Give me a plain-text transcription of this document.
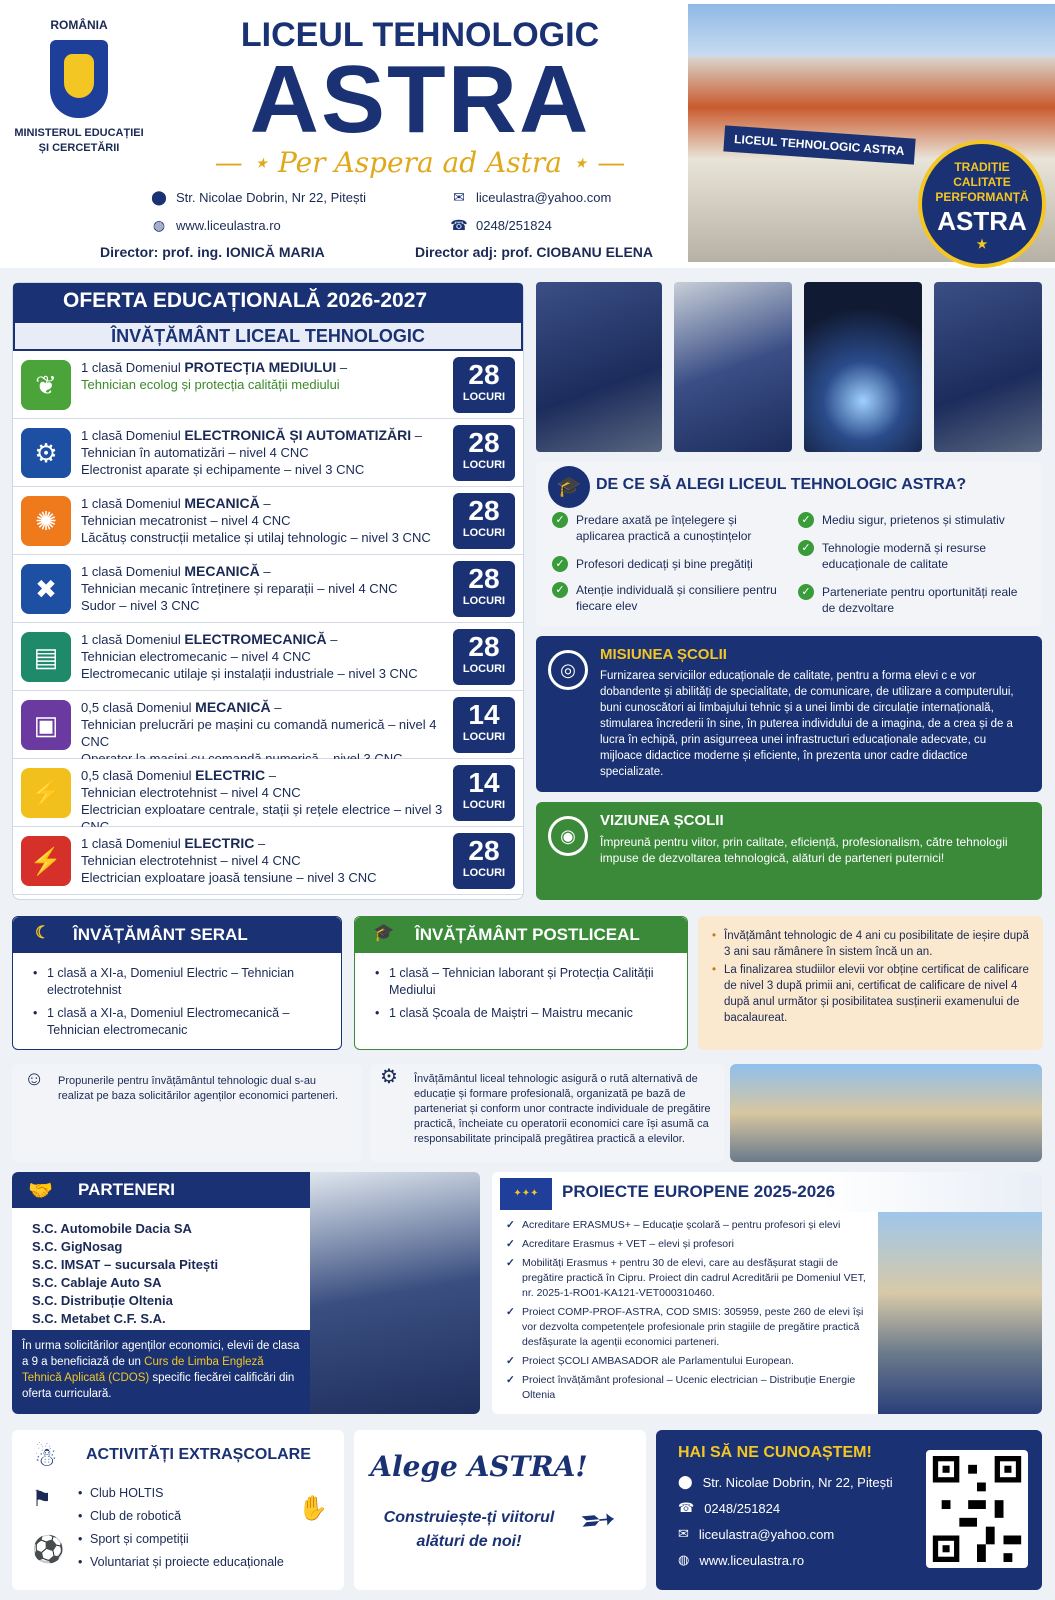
ROMÂNIA
MINISTERUL EDUCAȚIEI ȘI CERCETĂRII
LICEUL TEHNOLOGIC
ASTRA
— ⋆ Per Aspera ad Astra ⋆ —
⬤ Str. Nicolae Dobrin, Nr 22, Pitești	✉ liceulastra@yahoo.com
◍ www.liceulastra.ro	☎ 0248/251824
Director: prof. ing. IONICĂ MARIA	Director adj: prof. CIOBANU ELENA
LICEUL TEHNOLOGIC ASTRA
TRADIȚIE
CALITATE
PERFORMANȚĂ
ASTRA
★
OFERTA EDUCAȚIONALĂ 2026-2027
ÎNVĂȚĂMÂNT LICEAL TEHNOLOGIC
❦
1 clasă Domeniul PROTECȚIA MEDIULUI –
Tehnician ecolog și protecția calității mediului	28
LOCURI
⚙
1 clasă Domeniul ELECTRONICĂ ȘI AUTOMATIZĂRI –
Tehnician în automatizări – nivel 4 CNC
Electronist aparate și echipamente – nivel 3 CNC
28
LOCURI
✺
1 clasă Domeniul MECANICĂ –
Tehnician mecatronist – nivel 4 CNC
Lăcătuș construcții metalice și utilaj tehnologic – nivel 3 CNC
28
LOCURI
✖
1 clasă Domeniul MECANICĂ –
Tehnician mecanic întreținere și reparații – nivel 4 CNC
Sudor – nivel 3 CNC
28
LOCURI
▤
1 clasă Domeniul ELECTROMECANICĂ –
Tehnician electromecanic – nivel 4 CNC
Electromecanic utilaje și instalații industriale – nivel 3 CNC
28
LOCURI
▣
0,5 clasă Domeniul MECANICĂ –
Tehnician prelucrări pe mașini cu comandă numerică – nivel 4 CNC
14
LOCURI
⚡
0,5 clasă Domeniul ELECTRIC –
Tehnician electrotehnist – nivel 4 CNC
Electrician exploatare centrale, stații și rețele electrice – nivel 3
14
LOCURI
⚡
1 clasă Domeniul ELECTRIC –
Tehnician electrotehnist – nivel 4 CNC
Electrician exploatare joasă tensiune – nivel 3 CNC
28
LOCURI
🎓 DE CE SĂ ALEGI LICEUL TEHNOLOGIC ASTRA?
✓ Predare axată pe înțelegere și aplicarea practică a cunoștințelor
✓ Profesori dedicați și bine pregătiți
✓ Atenție individuală și consiliere pentru fiecare elev
✓ Mediu sigur, prietenos și stimulativ
✓ Tehnologie modernă și resurse educaționale de calitate
✓ Parteneriate pentru oportunități reale de dezvoltare
◎
MISIUNEA ȘCOLII
Furnizarea serviciilor educaționale de calitate, pentru a forma elevi c e vor dobandente și abilități de specialitate, de comunicare, de utilizare a computerului, buni cunoscători ai limbajului tehnic și a unei limbi de circulație internațională, stimularea încrederii în sine, în puterea individului de a imagina, de a crea și de a lucra în echipă, prin asigurreea unei infrastructuri educaționale adecvate, cu mijloace didactice moderne și eficiente, în prezenta unor cadre didactice specializate.
◉
VIZIUNEA ȘCOLII
Împreună pentru viitor, prin calitate, eficiență, profesionalism, către tehnologii impuse de dezvoltarea tehnologică, alături de parteneri puternici!
☾ ÎNVĂȚĂMÂNT SERAL
• 1 clasă a XI-a, Domeniul Electric – Tehnician electrotehnist
• 1 clasă a XI-a, Domeniul Electromecanică – Tehnician electromecanic
🎓 ÎNVĂȚĂMÂNT POSTLICEAL
• 1 clasă – Tehnician laborant și Protecția Calității Mediului
• 1 clasă Școala de Maiștri – Maistru mecanic

• Învățământ tehnologic de 4 ani cu posibilitate de ieșire după 3 ani sau rămânere în sistem încă un an.

• La finalizarea studiilor elevii vor obține certificat de calificare de nivel 3 după primii ani, certificat de calificare de nivel 4 după anul următor și posibilitatea susținerii examenului de bacalaureat.

☺ Propunerile pentru învățământul tehnologic dual s-au realizat pe baza solicitărilor agenților economici parteneri.
⚙ Învățământul liceal tehnologic asigură o rută alternativă de educație și formare profesională, organizată pe bază de parteneriat și conform unor contracte individuale de pregătire practică, încheiate cu operatorii economici care își asumă ca responsabilitate principală pregătirea practică a elevilor.
🤝 PARTENERI
S.C. Automobile Dacia SA
S.C. GigNosag
S.C. IMSAT – sucursala Pitești
S.C. Cablaje Auto SA
S.C. Distribuție Oltenia
S.C. Metabet C.F. S.A.
În urma solicitărilor agenților economici, elevii de clasa a 9 a beneficiază de un Curs de Limba Engleză Tehnică Aplicată (CDOS) specific fiecărei calificări din oferta curriculară.
PROIECTE EUROPENE 2025-2026
✦✦✦

✓ Acreditare ERASMUS+ – Educație școlară – pentru profesori și elevi

✓ Acreditare Erasmus + VET – elevi și profesori

✓ Mobilități Erasmus + pentru 30 de elevi, care au desfășurat stagii de pregătire practică în Cipru. Proiect din cadrul Acreditării pe Domeniul VET, nr. 2025-1-RO01-KA121-VET000310460.

✓ Proiect COMP-PROF-ASTRA, COD SMIS: 305959, peste 260 de elevi își vor dezvolta competențele profesionale prin stagiile de pregătire practică desfășurate la agenții economici parteneri.

✓ Proiect ȘCOLI AMBASADOR ale Parlamentului European.

✓ Proiect învățământ profesional – Ucenic electrician – Distribuție Energie Oltenia

☃ ACTIVITĂȚI EXTRAȘCOLARE
⚑
⚽
✋
• Club HOLTIS
• Club de robotică
• Sport și competiții
• Voluntariat și proiecte educaționale
Alege ASTRA!
Construiește-ți viitorul alături de noi!	➶
HAI SĂ NE CUNOAȘTEM!
⬤ Str. Nicolae Dobrin, Nr 22, Pitești
☎ 0248/251824
✉ liceulastra@yahoo.com
◍ www.liceulastra.ro
